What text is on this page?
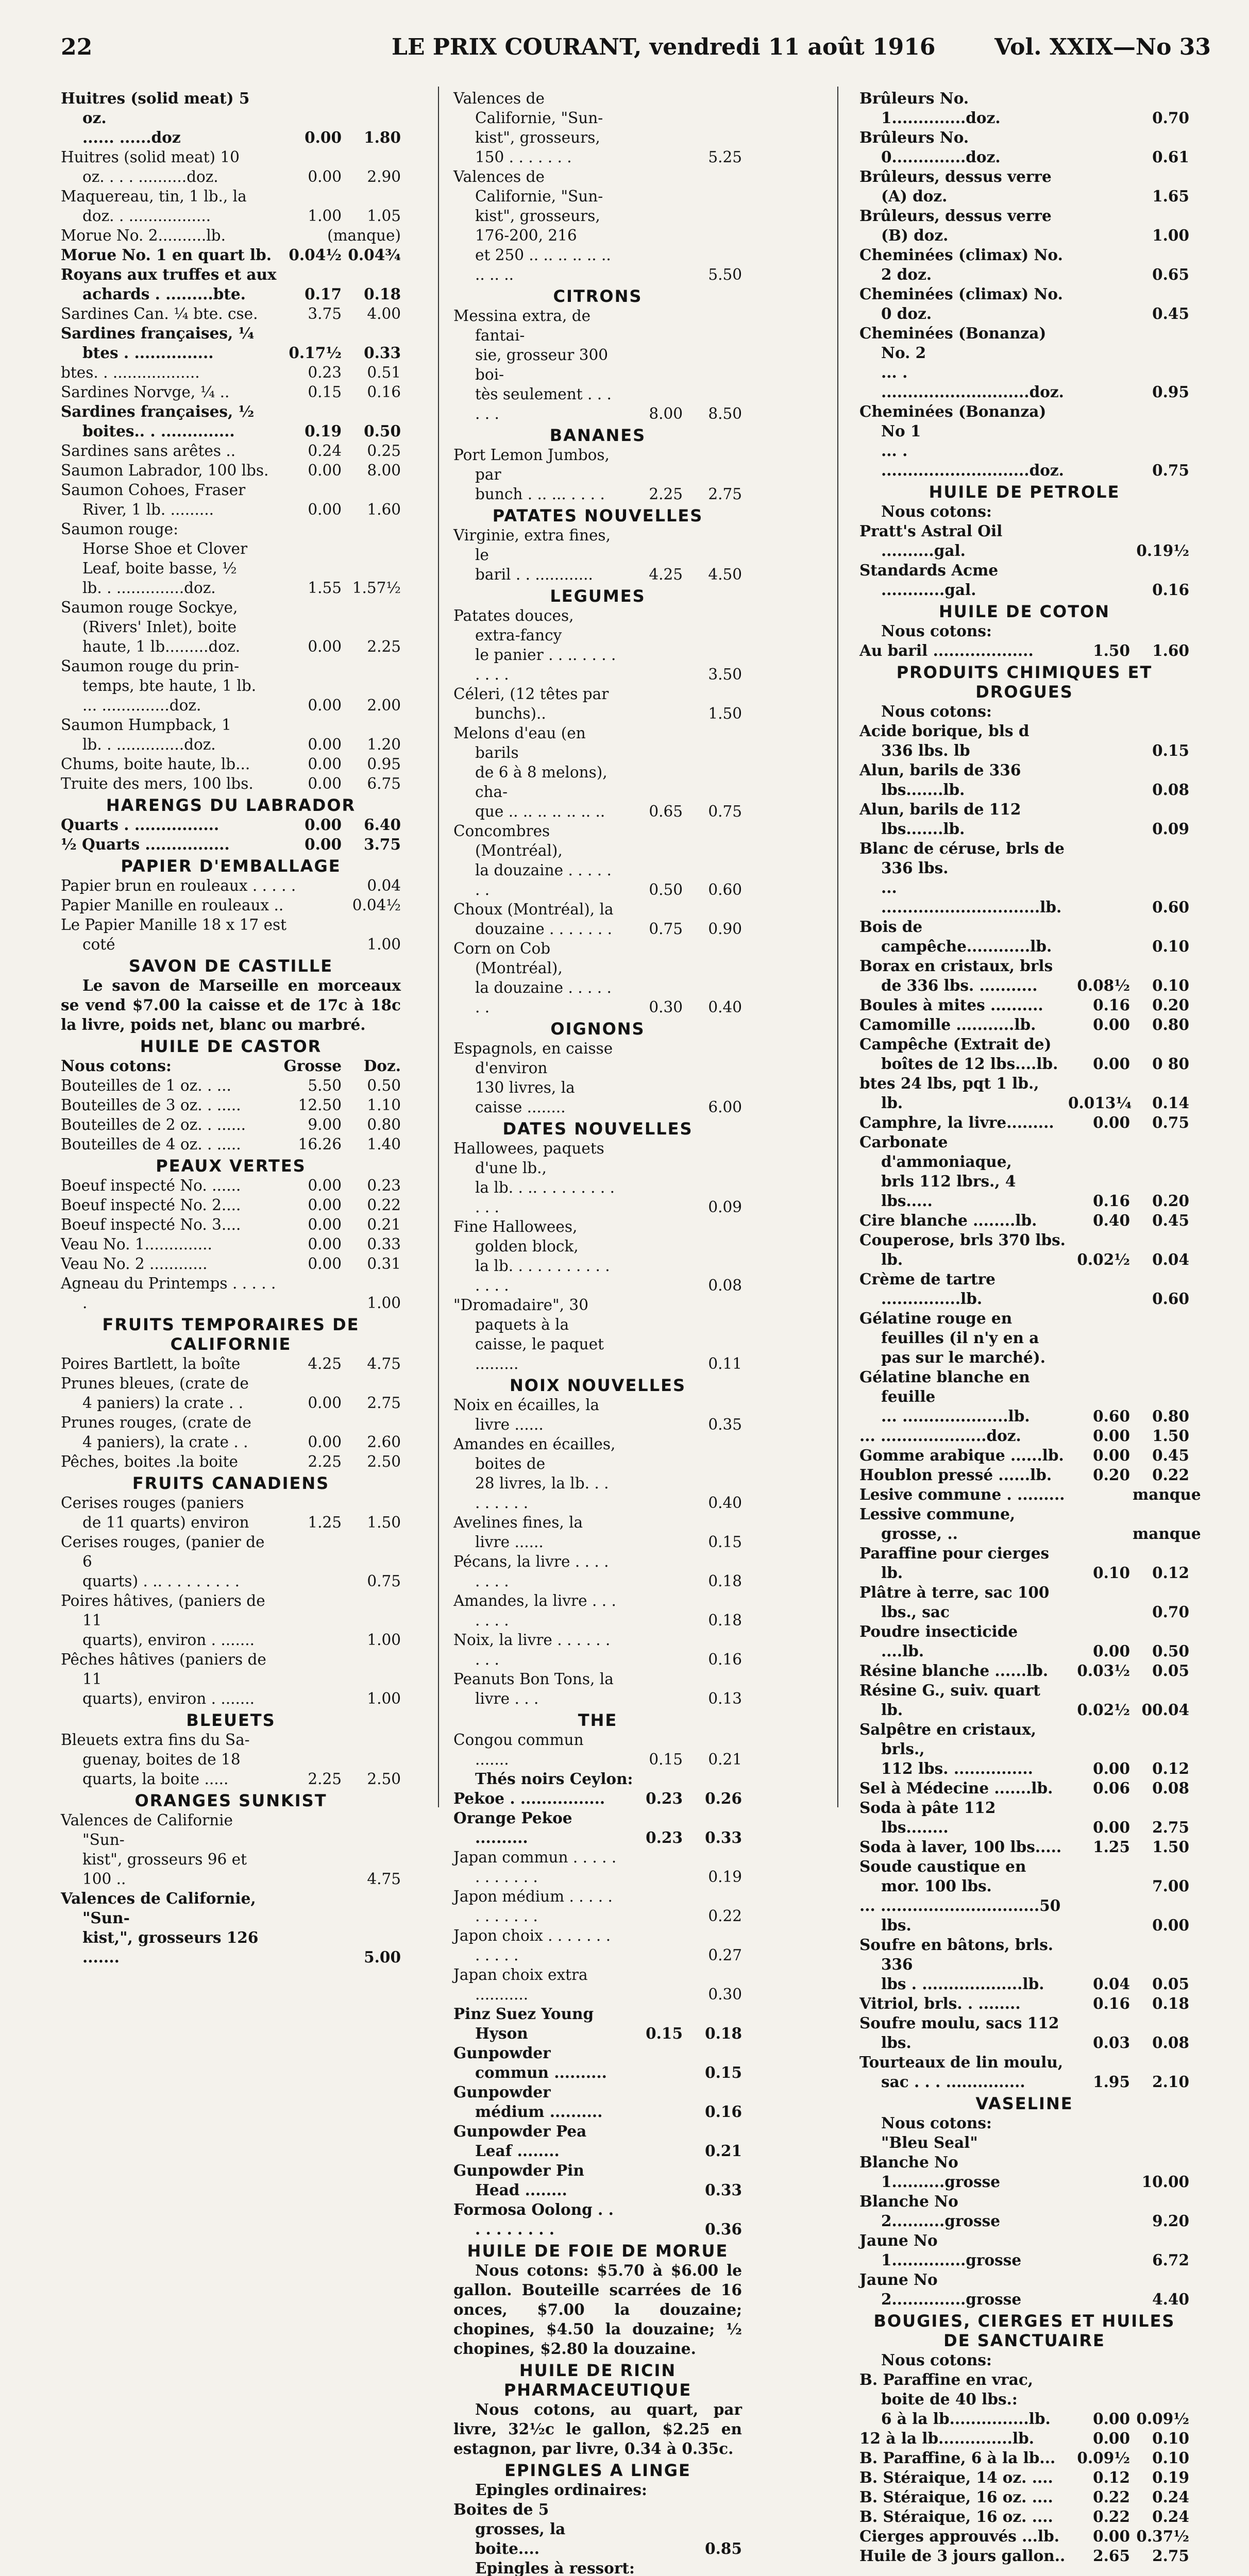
22	LE PRIX COURANT, vendredi 11 août 1916	Vol. XXIX—No 33
Huitres (solid meat) 5 oz.
...... ......doz	0.00	1.80
Huitres (solid meat) 10
oz. . . . ..........doz.	0.00	2.90
Maquereau, tin, 1 lb., la
doz. . .................	1.00	1.05
Morue No. 2..........lb.	(manque)
Morue No. 1 en quart lb.	0.04½ 0.04¾
Royans aux truffes et aux
achards . .........bte.	0.17	0.18
Sardines Can. ¼ bte. cse.	3.75	4.00
Sardines françaises, ¼
btes . ...............	0.17½	0.33
btes. . ..................	0.23	0.51
Sardines Norvge, ¼ ..	0.15	0.16
Sardines françaises, ½
boites.. . ..............	0.19	0.50
Sardines sans arêtes ..	0.24	0.25
Saumon Labrador, 100 lbs.	0.00	8.00
Saumon Cohoes, Fraser
River, 1 lb. .........	0.00	1.60
Saumon rouge:
Horse Shoe et Clover
Leaf, boite basse, ½
lb. . ..............doz.	1.55 1.57½
Saumon rouge Sockye,
(Rivers' Inlet), boite
haute, 1 lb.........doz.	0.00	2.25
Saumon rouge du prin-
temps, bte haute, 1 lb.
... ..............doz.	0.00	2.00
Saumon Humpback, 1
lb. . ..............doz.	0.00	1.20
Chums, boite haute, lb...	0.00	0.95
Truite des mers, 100 lbs.	0.00	6.75
HARENGS DU LABRADOR
Quarts . ................	0.00	6.40
½ Quarts ................	0.00	3.75
PAPIER D'EMBALLAGE
Papier brun en rouleaux . . . . .	0.04
Papier Manille en rouleaux ..	0.04½
Le Papier Manille 18 x 17 est coté	1.00
SAVON DE CASTILLE
Le savon de Marseille en morceaux se vend $7.00 la caisse et de 17c à 18c la livre, poids net, blanc ou marbré.
HUILE DE CASTOR
Nous cotons:	Grosse	Doz.
Bouteilles de 1 oz. . ...	5.50	0.50
Bouteilles de 3 oz. . .....	12.50	1.10
Bouteilles de 2 oz. . ......	9.00	0.80
Bouteilles de 4 oz. . .....	16.26	1.40
PEAUX VERTES
Boeuf inspecté No. ......	0.00	0.23
Boeuf inspecté No. 2....	0.00	0.22
Boeuf inspecté No. 3....	0.00	0.21
Veau No. 1..............	0.00	0.33
Veau No. 2 ............	0.00	0.31
Agneau du Printemps . . . . . .	1.00
FRUITS TEMPORAIRES DE CALIFORNIE
Poires Bartlett, la boîte	4.25	4.75
Prunes bleues, (crate de
4 paniers) la crate . .	0.00	2.75
Prunes rouges, (crate de
4 paniers), la crate . .	0.00	2.60
Pêches, boites .la boite	2.25	2.50
FRUITS CANADIENS
Cerises rouges (paniers
de 11 quarts) environ	1.25	1.50
Cerises rouges, (panier de 6
quarts) . .. . . . . . . . .	0.75
Poires hâtives, (paniers de 11
quarts), environ . .......	1.00
Pêches hâtives (paniers de 11
quarts), environ . .......	1.00
BLEUETS
Bleuets extra fins du Sa-
guenay, boites de 18
quarts, la boite .....	2.25	2.50
ORANGES SUNKIST
Valences de Californie "Sun-
kist", grosseurs 96 et 100 ..	4.75
Valences de Californie, "Sun-
kist,", grosseurs 126 .......	5.00
Valences de Californie, "Sun-
kist", grosseurs, 150 . . . . . . .	5.25
Valences de Californie, "Sun-
kist", grosseurs, 176-200, 216
et 250 .. .. .. .. .. .. .. .. ..	5.50
CITRONS
Messina extra, de fantai-
sie, grosseur 300 boi-
tès seulement . . . . . .	8.00	8.50
BANANES
Port Lemon Jumbos, par
bunch . .. ... . . . .	2.25	2.75
PATATES NOUVELLES
Virginie, extra fines, le
baril . . ............	4.25	4.50
LEGUMES
Patates douces, extra-fancy
le panier . . .. . . . . . . . .	3.50
Céleri, (12 têtes par bunchs)..	1.50
Melons d'eau (en barils
de 6 à 8 melons), cha-
que .. .. .. .. .. .. ..	0.65	0.75
Concombres (Montréal),
la douzaine . . . . . . .	0.50	0.60
Choux (Montréal), la
douzaine . . . . . . .	0.75	0.90
Corn on Cob (Montréal),
la douzaine . . . . . . .	0.30	0.40
OIGNONS
Espagnols, en caisse d'environ
130 livres, la caisse ........	6.00
DATES NOUVELLES
Hallowees, paquets d'une lb.,
la lb. . .. . . . . . . . . . . .	0.09
Fine Hallowees, golden block,
la lb. . . . . . . . . . . . . . .	0.08
"Dromadaire", 30 paquets à la
caisse, le paquet .........	0.11
NOIX NOUVELLES
Noix en écailles, la livre ......	0.35
Amandes en écailles, boites de
28 livres, la lb. . . . . . . . .	0.40
Avelines fines, la livre ......	0.15
Pécans, la livre . . . . . . . .	0.18
Amandes, la livre . . . . . . .	0.18
Noix, la livre . . . . . . . . .	0.16
Peanuts Bon Tons, la livre . . .	0.13
THE
Congou commun .......	0.15	0.21
Thés noirs Ceylon:
Pekoe . ................	0.23	0.26
Orange Pekoe ..........	0.23	0.33
Japan commun . . . . . . . . . . . .	0.19
Japon médium . . . . . . . . . . . .	0.22
Japon choix . . . . . . . . . . . .	0.27
Japan choix extra ...........	0.30
Pinz Suez Young Hyson	0.15	0.18
Gunpowder commun ..........	0.15
Gunpowder médium ..........	0.16
Gunpowder Pea Leaf ........	0.21
Gunpowder Pin Head ........	0.33
Formosa Oolong . . . . . . . . . .	0.36
HUILE DE FOIE DE MORUE
Nous cotons: $5.70 à $6.00 le gallon. Bouteille scarrées de 16 onces, $7.00 la douzaine; chopines, $4.50 la douzaine; ½ chopines, $2.80 la douzaine.
HUILE DE RICIN PHARMACEUTIQUE
Nous cotons, au quart, par livre, 32½c le gallon, $2.25 en estagnon, par livre, 0.34 à 0.35c.
EPINGLES A LINGE
Epingles ordinaires:
Boites de 5 grosses, la boite....	0.85
Epingles à ressort:
Brûleurs No. 1..............doz.	0.70
Brûleurs No. 0..............doz.	0.61
Brûleurs, dessus verre (A) doz.	1.65
Brûleurs, dessus verre (B) doz.	1.00
Cheminées (climax) No. 2 doz.	0.65
Cheminées (climax) No. 0 doz.	0.45
Cheminées (Bonanza) No. 2
... . ............................doz.	0.95
Cheminées (Bonanza) No 1
... . ............................doz.	0.75
HUILE DE PETROLE
Nous cotons:
Pratt's Astral Oil ..........gal.	0.19½
Standards Acme ............gal.	0.16
HUILE DE COTON
Nous cotons:
Au baril ...................	1.50	1.60
PRODUITS CHIMIQUES ET DROGUES
Nous cotons:
Acide borique, bls d 336 lbs. lb	0.15
Alun, barils de 336 lbs.......lb.	0.08
Alun, barils de 112 lbs.......lb.	0.09
Blanc de céruse, brls de 336 lbs.
... ..............................lb.	0.60
Bois de campêche............lb.	0.10
Borax en cristaux, brls
de 336 lbs. ...........	0.08½	0.10
Boules à mites ..........	0.16	0.20
Camomille ...........lb.	0.00	0.80
Campêche (Extrait de)
boîtes de 12 lbs....lb.	0.00	0 80
btes 24 lbs, pqt 1 lb., lb.	0.013¼	0.14
Camphre, la livre.........	0.00	0.75
Carbonate d'ammoniaque,
brls 112 lbrs., 4 lbs.....	0.16	0.20
Cire blanche ........lb.	0.40	0.45
Couperose, brls 370 lbs. lb.	0.02½	0.04
Crème de tartre ...............lb.	0.60
Gélatine rouge en feuilles (il n'y en a
pas sur le marché).
Gélatine blanche en feuille
... ....................lb.	0.60	0.80
... ....................doz.	0.00	1.50
Gomme arabique ......lb.	0.00	0.45
Houblon pressé ......lb.	0.20	0.22
Lesive commune . .........	manque
Lessive commune, grosse, ..	manque
Paraffine pour cierges lb.	0.10	0.12
Plâtre à terre, sac 100 lbs., sac	0.70
Poudre insecticide ....lb.	0.00	0.50
Résine blanche ......lb.	0.03½	0.05
Résine G., suiv. quart lb.	0.02½ 00.04
Salpêtre en cristaux, brls.,
112 lbs. ...............	0.00	0.12
Sel à Médecine .......lb.	0.06	0.08
Soda à pâte 112 lbs........	0.00	2.75
Soda à laver, 100 lbs.....	1.25	1.50
Soude caustique en mor. 100 lbs.	7.00
... ..............................50 lbs.	0.00
Soufre en bâtons, brls. 336
lbs . ...................lb.	0.04	0.05
Vitriol, brls. . ........	0.16	0.18
Soufre moulu, sacs 112 lbs.	0.03	0.08
Tourteaux de lin moulu,
sac . . . ...............	1.95	2.10
VASELINE
Nous cotons:
"Bleu Seal"
Blanche No 1..........grosse	10.00
Blanche No 2..........grosse	9.20
Jaune No 1..............grosse	6.72
Jaune No 2..............grosse	4.40
BOUGIES, CIERGES ET HUILES DE SANCTUAIRE
Nous cotons:
B. Paraffine en vrac, boite de 40 lbs.:
6 à la lb...............lb.	0.00 0.09½
12 à la lb..............lb.	0.00	0.10
B. Paraffine, 6 à la lb...	0.09½	0.10
B. Stéraique, 14 oz. ....	0.12	0.19
B. Stéraique, 16 oz. ....	0.22	0.24
B. Stéraique, 16 oz. ....	0.22	0.24
Cierges approuvés ...lb.	0.00 0.37½
Huile de 3 jours gallon..	2.65	2.75
